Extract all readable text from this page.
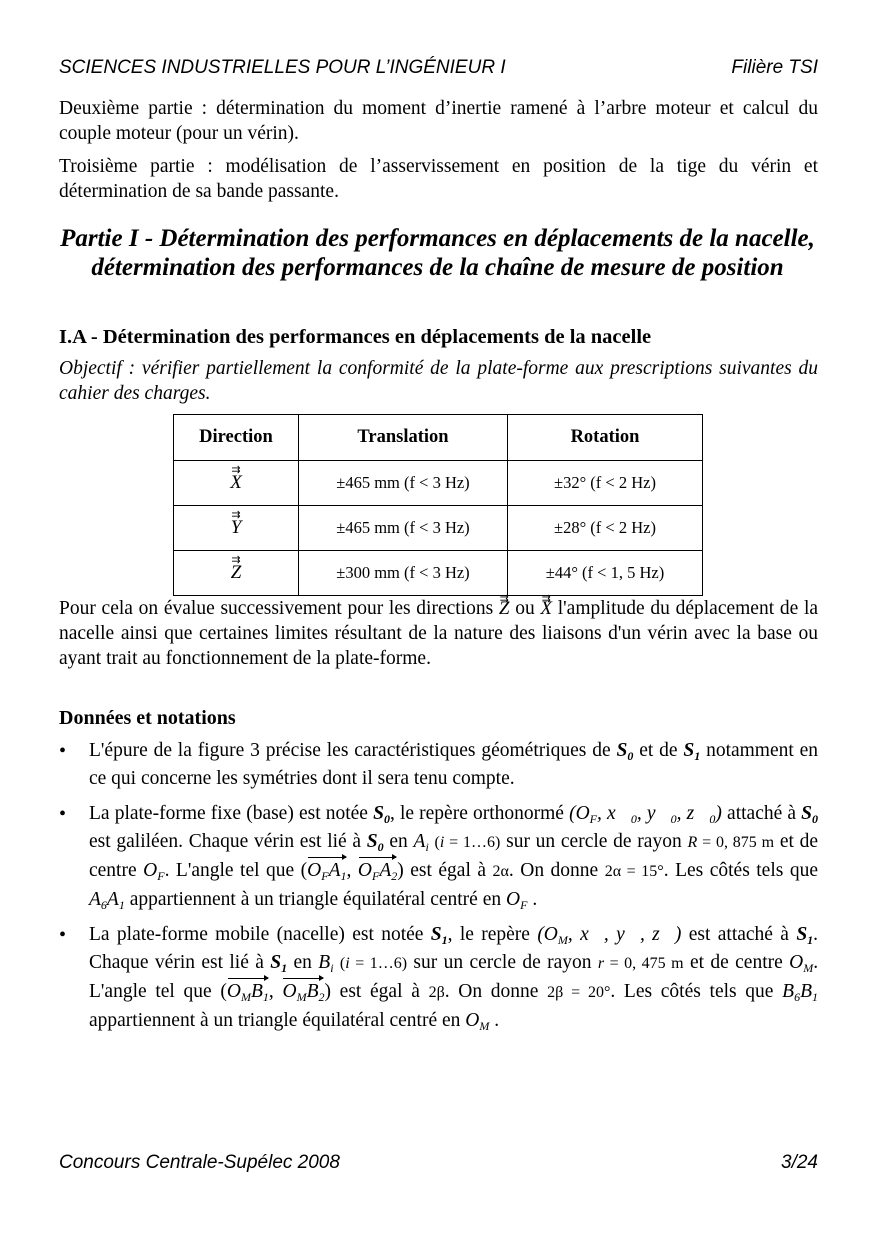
SCIENCES INDUSTRIELLES POUR L’INGÉNIEUR I	Filière TSI

Deuxième partie : détermination du moment d’inertie ramené à l’arbre moteur et calcul du couple moteur (pour un vérin).

Troisième partie : modélisation de l’asservissement en position de la tige du vérin et détermination de sa bande passante.

Partie I - Détermination des performances en déplacements de la nacelle, détermination des performances de la chaîne de mesure de position
I.A - Détermination des performances en déplacements de la nacelle
Objectif : vérifier partiellement la conformité de la plate-forme aux prescriptions suivantes du cahier des charges.
Direction	Translation	Rotation
⇉ X	±465 mm (f < 3 Hz)	±32° (f < 2 Hz)
⇉ Y	±465 mm (f < 3 Hz)	±28° (f < 2 Hz)
⇉ Z	±300 mm (f < 3 Hz)	±44° (f < 1, 5 Hz)

Pour cela on évalue successivement pour les directions ⇉ Z ou ⇉ X l'amplitude du déplacement de la nacelle ainsi que certaines limites résultant de la nature des liaisons d'un vérin avec la base ou ayant trait au fonctionnement de la plate-forme.

Données et notations
• L'épure de la figure 3 précise les caractéristiques géométriques de $S_0$ et de $S_1$ notamment en ce qui concerne les symétries dont il sera tenu compte.
• La plate-forme fixe (base) est notée $S_0$, le repère orthonormé ($O_F$, $x⃗_0$, $y⃗_0$, $z⃗_0$) attaché à $S_0$ est galiléen. Chaque vérin est lié à $S_0$ en $A_i$ (i = 1…6) sur un cercle de rayon R = 0, 875 m et de centre $O_F$. L'angle tel que ($O_FA_1$, $O_FA_2$) est égal à 2α. On donne 2α = 15°. Les côtés tels que $A_6A_1$ appartiennent à un triangle équilatéral centré en $O_F$ .
• La plate-forme mobile (nacelle) est notée $S_1$, le repère ($O_M$, x⃗, y⃗, z⃗) est attaché à $S_1$. Chaque vérin est lié à $S_1$ en $B_i$ (i = 1…6) sur un cercle de rayon r = 0, 475 m et de centre $O_M$. L'angle tel que ($O_MB_1$, $O_MB_2$) est égal à 2β. On donne 2β = 20°. Les côtés tels que $B_6B_1$ appartiennent à un triangle équilatéral centré en $O_M$ .
Concours Centrale-Supélec 2008	3/24
